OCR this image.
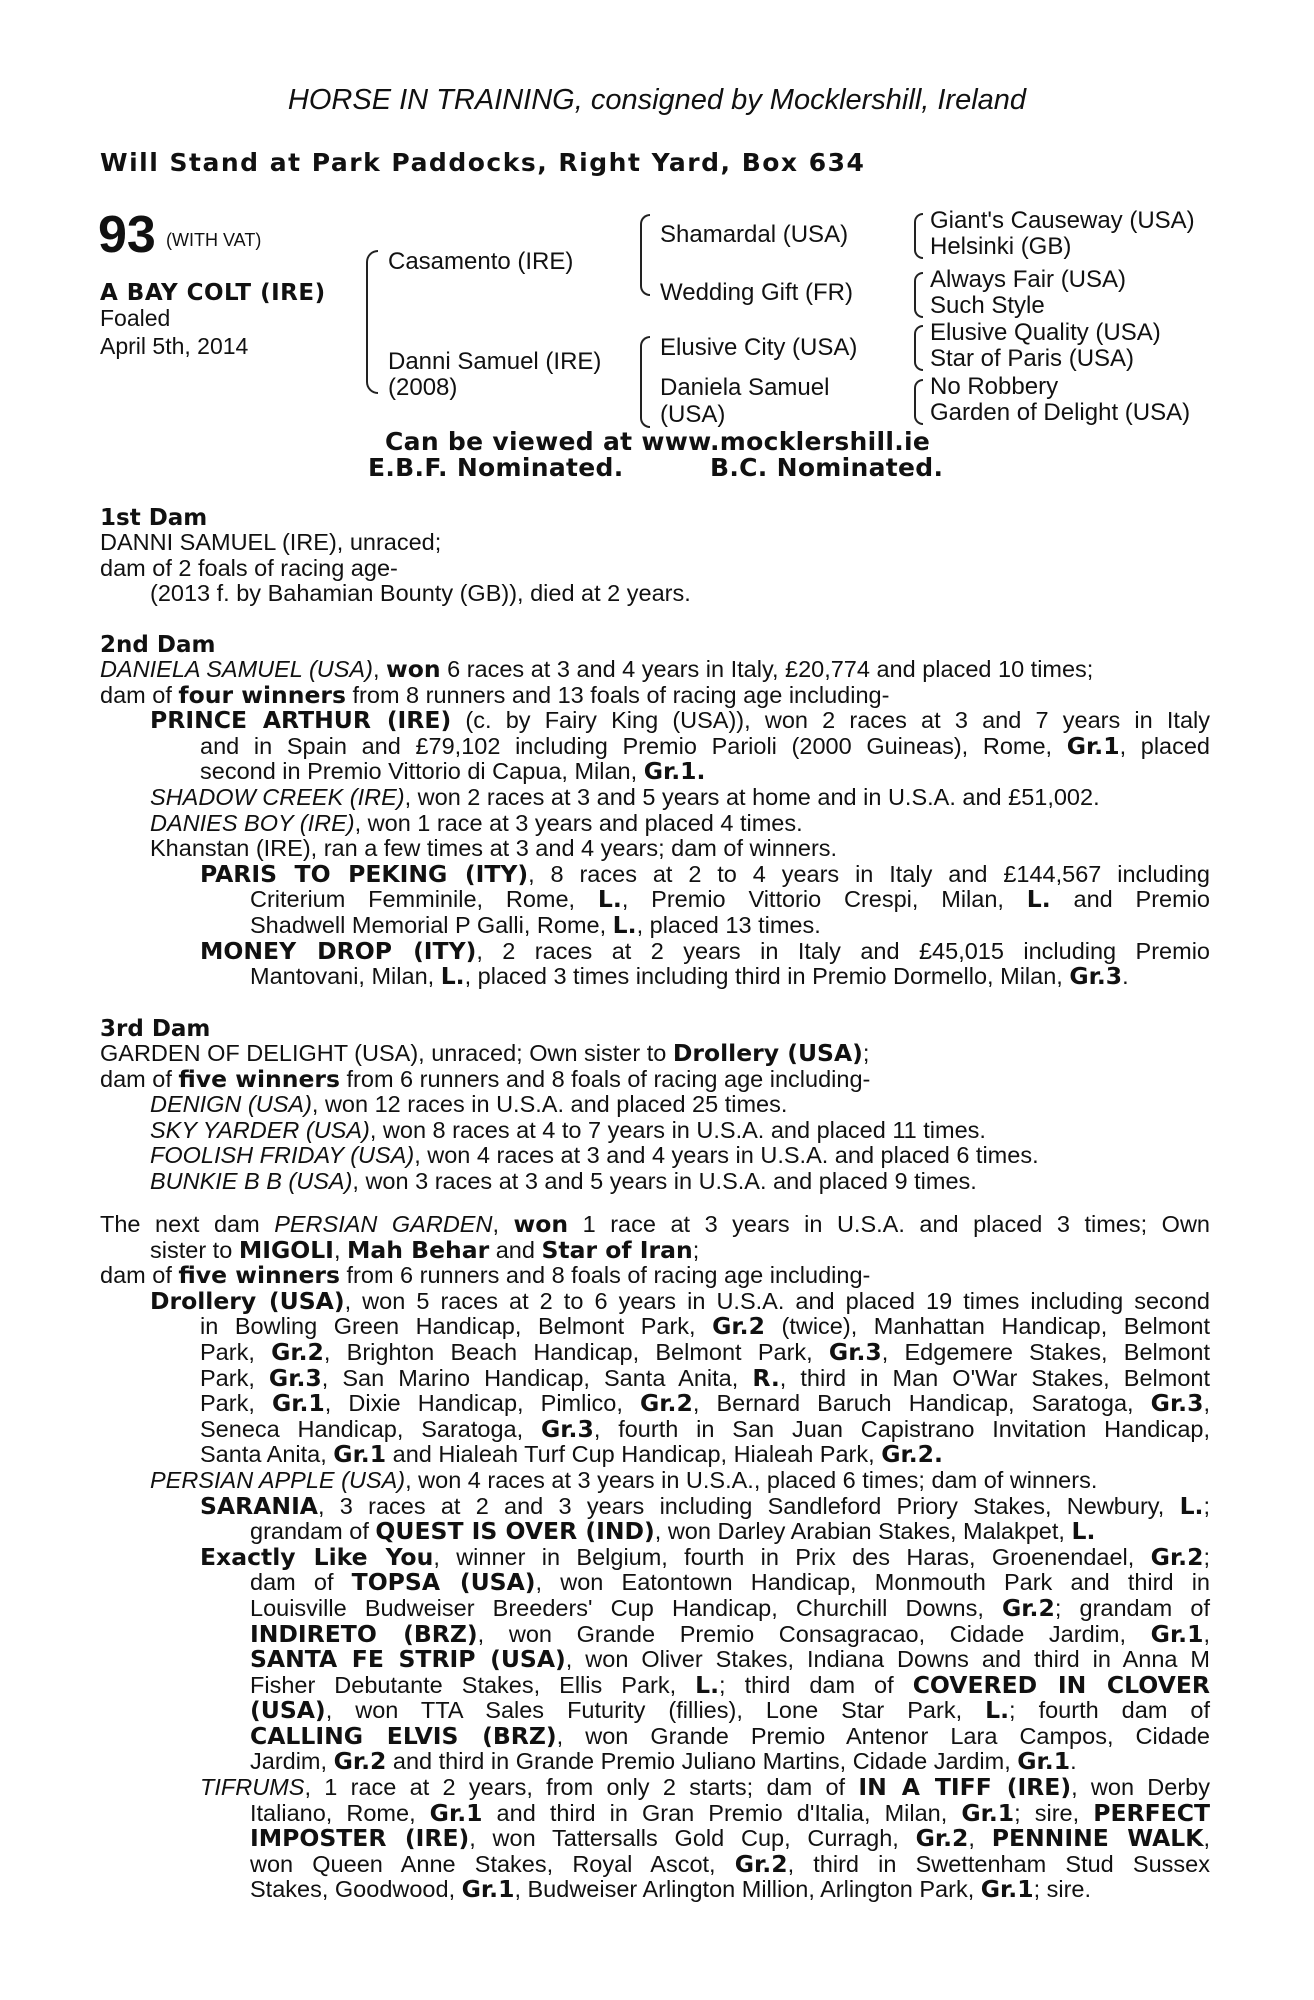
HORSE IN TRAINING, consigned by Mocklershill, Ireland
Will Stand at Park Paddocks, Right Yard, Box 634
93 (WITH VAT)
A BAY COLT (IRE)
Foaled
April 5th, 2014
Casamento (IRE)
Danni Samuel (IRE)
(2008)
Shamardal (USA)
Wedding Gift (FR)
Elusive City (USA)
Daniela Samuel
(USA)
Giant's Causeway (USA)
Helsinki (GB)
Always Fair (USA)
Such Style
Elusive Quality (USA)
Star of Paris (USA)
No Robbery
Garden of Delight (USA)
Can be viewed at www.mocklershill.ie
E.B.F. Nominated.	B.C. Nominated.
1st Dam
DANNI SAMUEL (IRE), unraced;
dam of 2 foals of racing age-
(2013 f. by Bahamian Bounty (GB)), died at 2 years.
2nd Dam
DANIELA SAMUEL (USA), won 6 races at 3 and 4 years in Italy, £20,774 and placed 10 times;
dam of four winners from 8 runners and 13 foals of racing age including-
PRINCE ARTHUR (IRE) (c. by Fairy King (USA)), won 2 races at 3 and 7 years in Italy
and in Spain and £79,102 including Premio Parioli (2000 Guineas), Rome, Gr.1, placed
second in Premio Vittorio di Capua, Milan, Gr.1.
SHADOW CREEK (IRE), won 2 races at 3 and 5 years at home and in U.S.A. and £51,002.
DANIES BOY (IRE), won 1 race at 3 years and placed 4 times.
Khanstan (IRE), ran a few times at 3 and 4 years; dam of winners.
PARIS TO PEKING (ITY), 8 races at 2 to 4 years in Italy and £144,567 including
Criterium Femminile, Rome, L., Premio Vittorio Crespi, Milan, L. and Premio
Shadwell Memorial P Galli, Rome, L., placed 13 times.
MONEY DROP (ITY), 2 races at 2 years in Italy and £45,015 including Premio
Mantovani, Milan, L., placed 3 times including third in Premio Dormello, Milan, Gr.3.
3rd Dam
GARDEN OF DELIGHT (USA), unraced; Own sister to Drollery (USA);
dam of five winners from 6 runners and 8 foals of racing age including-
DENIGN (USA), won 12 races in U.S.A. and placed 25 times.
SKY YARDER (USA), won 8 races at 4 to 7 years in U.S.A. and placed 11 times.
FOOLISH FRIDAY (USA), won 4 races at 3 and 4 years in U.S.A. and placed 6 times.
BUNKIE B B (USA), won 3 races at 3 and 5 years in U.S.A. and placed 9 times.
The next dam PERSIAN GARDEN, won 1 race at 3 years in U.S.A. and placed 3 times; Own
sister to MIGOLI, Mah Behar and Star of Iran;
dam of five winners from 6 runners and 8 foals of racing age including-
Drollery (USA), won 5 races at 2 to 6 years in U.S.A. and placed 19 times including second
in Bowling Green Handicap, Belmont Park, Gr.2 (twice), Manhattan Handicap, Belmont
Park, Gr.2, Brighton Beach Handicap, Belmont Park, Gr.3, Edgemere Stakes, Belmont
Park, Gr.3, San Marino Handicap, Santa Anita, R., third in Man O'War Stakes, Belmont
Park, Gr.1, Dixie Handicap, Pimlico, Gr.2, Bernard Baruch Handicap, Saratoga, Gr.3,
Seneca Handicap, Saratoga, Gr.3, fourth in San Juan Capistrano Invitation Handicap,
Santa Anita, Gr.1 and Hialeah Turf Cup Handicap, Hialeah Park, Gr.2.
PERSIAN APPLE (USA), won 4 races at 3 years in U.S.A., placed 6 times; dam of winners.
SARANIA, 3 races at 2 and 3 years including Sandleford Priory Stakes, Newbury, L.;
grandam of QUEST IS OVER (IND), won Darley Arabian Stakes, Malakpet, L.
Exactly Like You, winner in Belgium, fourth in Prix des Haras, Groenendael, Gr.2;
dam of TOPSA (USA), won Eatontown Handicap, Monmouth Park and third in
Louisville Budweiser Breeders' Cup Handicap, Churchill Downs, Gr.2; grandam of
INDIRETO (BRZ), won Grande Premio Consagracao, Cidade Jardim, Gr.1,
SANTA FE STRIP (USA), won Oliver Stakes, Indiana Downs and third in Anna M
Fisher Debutante Stakes, Ellis Park, L.; third dam of COVERED IN CLOVER
(USA), won TTA Sales Futurity (fillies), Lone Star Park, L.; fourth dam of
CALLING ELVIS (BRZ), won Grande Premio Antenor Lara Campos, Cidade
Jardim, Gr.2 and third in Grande Premio Juliano Martins, Cidade Jardim, Gr.1.
TIFRUMS, 1 race at 2 years, from only 2 starts; dam of IN A TIFF (IRE), won Derby
Italiano, Rome, Gr.1 and third in Gran Premio d'Italia, Milan, Gr.1; sire, PERFECT
IMPOSTER (IRE), won Tattersalls Gold Cup, Curragh, Gr.2, PENNINE WALK,
won Queen Anne Stakes, Royal Ascot, Gr.2, third in Swettenham Stud Sussex
Stakes, Goodwood, Gr.1, Budweiser Arlington Million, Arlington Park, Gr.1; sire.
